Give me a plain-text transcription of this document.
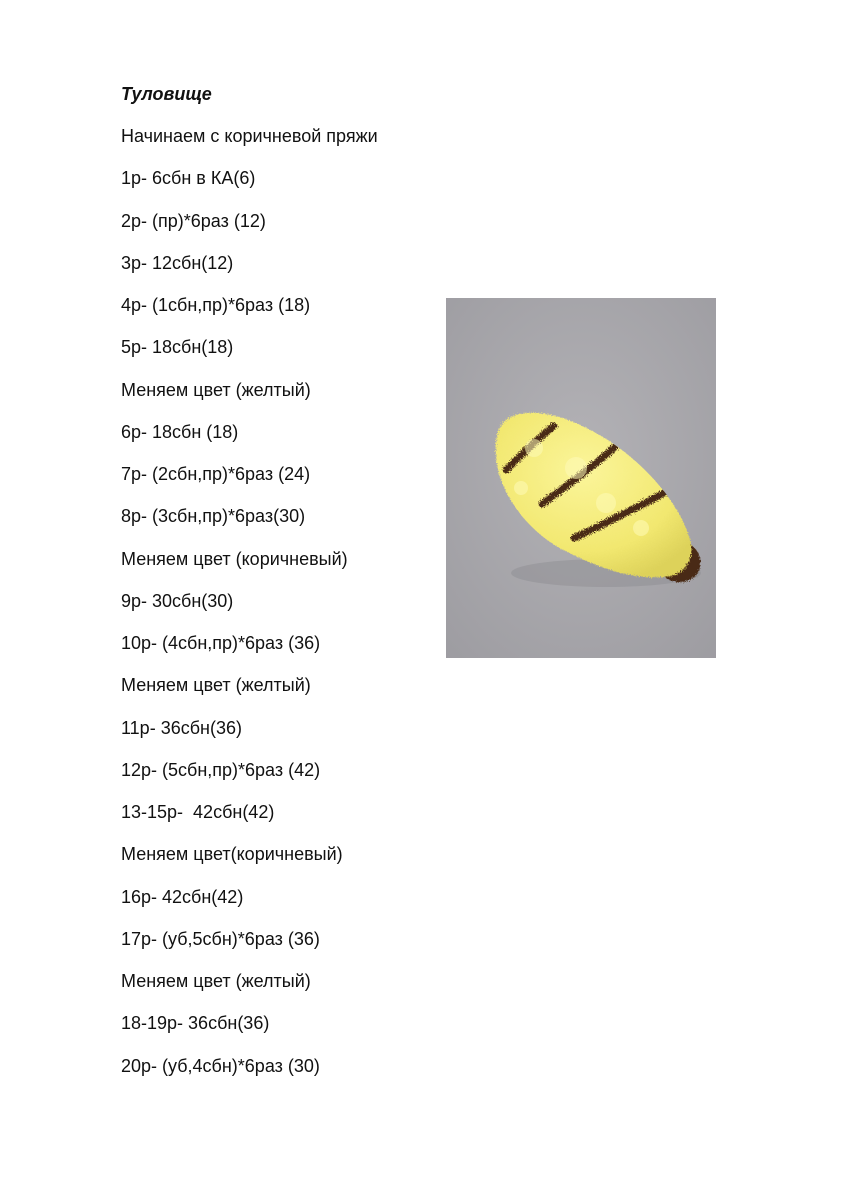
Туловище
Начинаем с коричневой пряжи
1р- 6сбн в КА(6)
2р- (пр)*6раз (12)
3р- 12сбн(12)
4р- (1сбн,пр)*6раз (18)
5р- 18сбн(18)
Меняем цвет (желтый)
6р- 18сбн (18)
7р- (2сбн,пр)*6раз (24)
8р- (3сбн,пр)*6раз(30)
Меняем цвет (коричневый)
9р- 30сбн(30)
10р- (4сбн,пр)*6раз (36)
Меняем цвет (желтый)
11р- 36сбн(36)
12р- (5сбн,пр)*6раз (42)
13-15р-  42сбн(42)
Меняем цвет(коричневый)
16р- 42сбн(42)
17р- (уб,5сбн)*6раз (36)
Меняем цвет (желтый)
18-19р- 36сбн(36)
20р- (уб,4сбн)*6раз (30)
